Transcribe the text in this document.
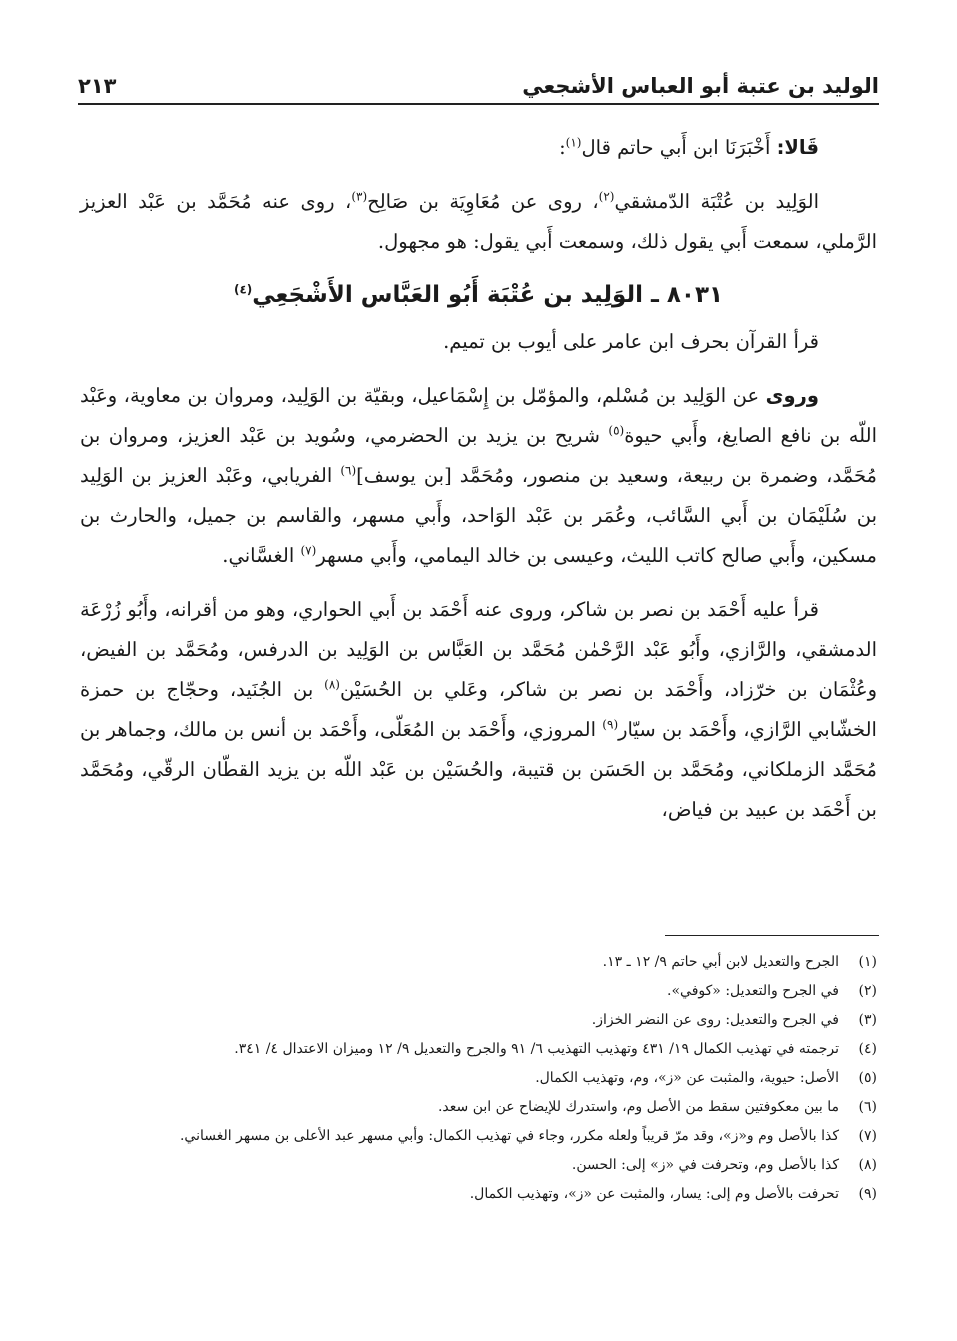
الوليد بن عتبة أبو العباس الأشجعي
٢١٣

قَالا: أَخْبَرَنَا ابن أَبي حاتم قال$^{(١)}$:

الوَلِيد بن عُتْبَة الدّمشقي$^{(٢)}$، روى عن مُعَاوِيَة بن صَالِح$^{(٣)}$، روى عنه مُحَمَّد بن عَبْد العزيز الرَّملي، سمعت أَبي يقول ذلك، وسمعت أَبي يقول: هو مجهول.

٨٠٣١ ـ الوَلِيد بن عُتْبَة أَبُو العَبَّاس الأَشْجَعِي$^{(٤)}$

قرأ القرآن بحرف ابن عامر على أيوب بن تميم.

وروى عن الوَلِيد بن مُسْلم، والمؤمّل بن إِسْمَاعيل، وبقيّة بن الوَلِيد، ومروان بن معاوية، وعَبْد اللّه بن نافع الصايغ، وأَبي حيوة$^{(٥)}$ شريح بن يزيد بن الحضرمي، وسُويد بن عَبْد العزيز، ومروان بن مُحَمَّد، وضمرة بن ربيعة، وسعيد بن منصور، ومُحَمَّد [بن يوسف]$^{(٦)}$ الفريابي، وعَبْد العزيز بن الوَلِيد بن سُلَيْمَان بن أَبي السَّائب، وعُمَر بن عَبْد الوَاحد، وأَبي مسهر، والقاسم بن جميل، والحارث بن مسكين، وأَبي صالح كاتب الليث، وعيسى بن خالد اليمامي، وأَبي مسهر$^{(٧)}$ الغسَّاني.

قرأ عليه أَحْمَد بن نصر بن شاكر، وروى عنه أَحْمَد بن أَبي الحواري، وهو من أقرانه، وأَبُو زُرْعَة الدمشقي، والرَّازي، وأَبُو عَبْد الرَّحْمٰن مُحَمَّد بن العَبَّاس بن الوَلِيد بن الدرفس، ومُحَمَّد بن الفيض، وعُثْمَان بن خرّزاد، وأَحْمَد بن نصر بن شاكر، وعَلي بن الحُسَيْن$^{(٨)}$ بن الجُنَيد، وحجّاج بن حمزة الخشّابي الرَّازي، وأَحْمَد بن سيّار$^{(٩)}$ المروزي، وأَحْمَد بن المُعَلّى، وأَحْمَد بن أنس بن مالك، وجماهر بن مُحَمَّد الزملكاني، ومُحَمَّد بن الحَسَن بن قتيبة، والحُسَيْن بن عَبْد اللّه بن يزيد القطّان الرقّي، ومُحَمَّد بن أَحْمَد بن عبيد بن فياض،

(١)
الجرح والتعديل لابن أبي حاتم ٩/ ١٢ ـ ١٣.
(٢)
في الجرح والتعديل: «كوفي».
(٣)
في الجرح والتعديل: روى عن النضر الخزاز.
(٤)
ترجمته في تهذيب الكمال ١٩/ ٤٣١ وتهذيب التهذيب ٦/ ٩١ والجرح والتعديل ٩/ ١٢ وميزان الاعتدال ٤/ ٣٤١.
(٥)
الأصل: حيوية، والمثبت عن «ز»، وم، وتهذيب الكمال.
(٦)
ما بين معكوفتين سقط من الأصل وم، واستدرك للإيضاح عن ابن سعد.
(٧)
كذا بالأصل وم و«ز»، وقد مرّ قريباً ولعله مكرر، وجاء في تهذيب الكمال: وأبي مسهر عبد الأعلى بن مسهر الغساني.
(٨)
كذا بالأصل وم، وتحرفت في «ز» إلى: الحسن.
(٩)
تحرفت بالأصل وم إلى: يسار، والمثبت عن «ز»، وتهذيب الكمال.
